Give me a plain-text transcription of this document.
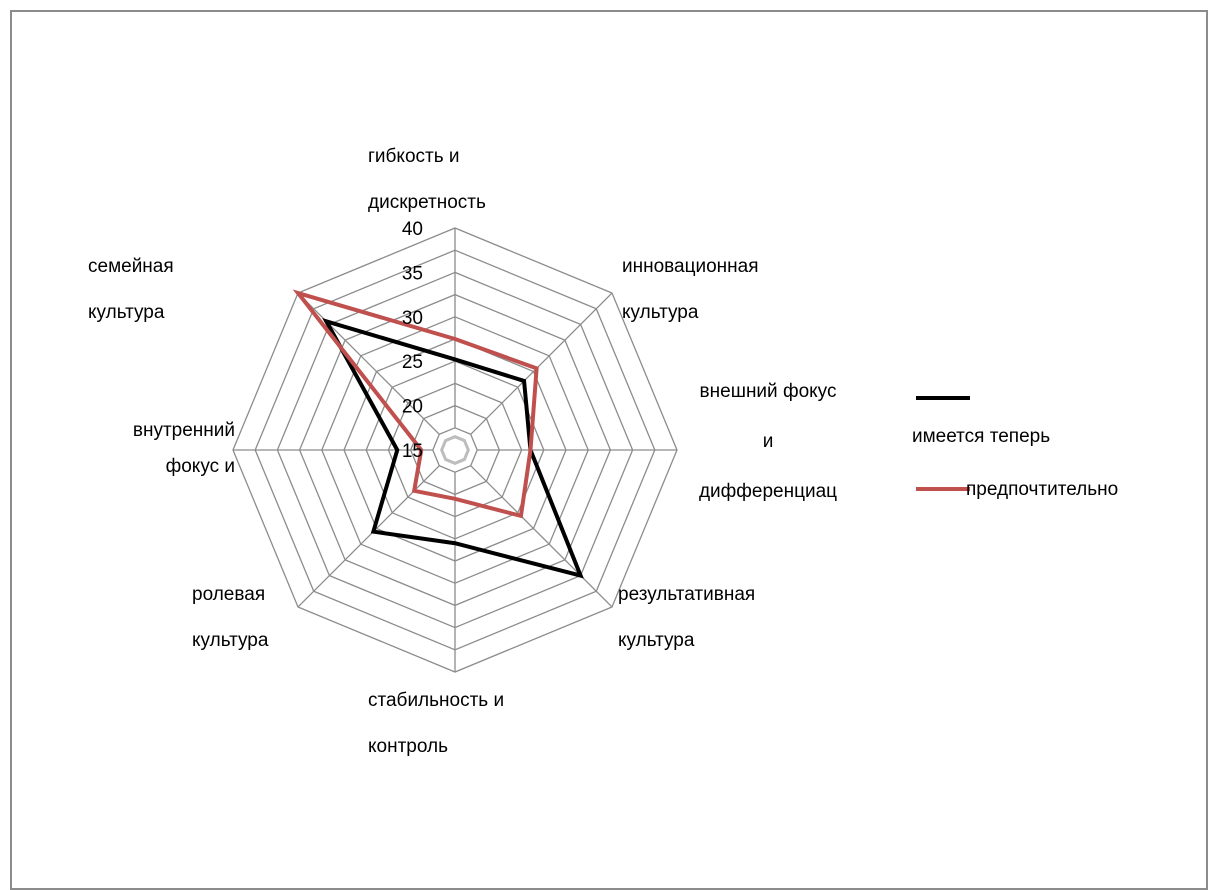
15
20
25
30
35
40
гибкость и
дискретность
инновационная
культура
внешний фокус
и
дифференциац
результативная
культура
стабильность и
контроль
ролевая
культура
внутренний
фокус и
семейная
культура
имеется теперь
предпочтительно
